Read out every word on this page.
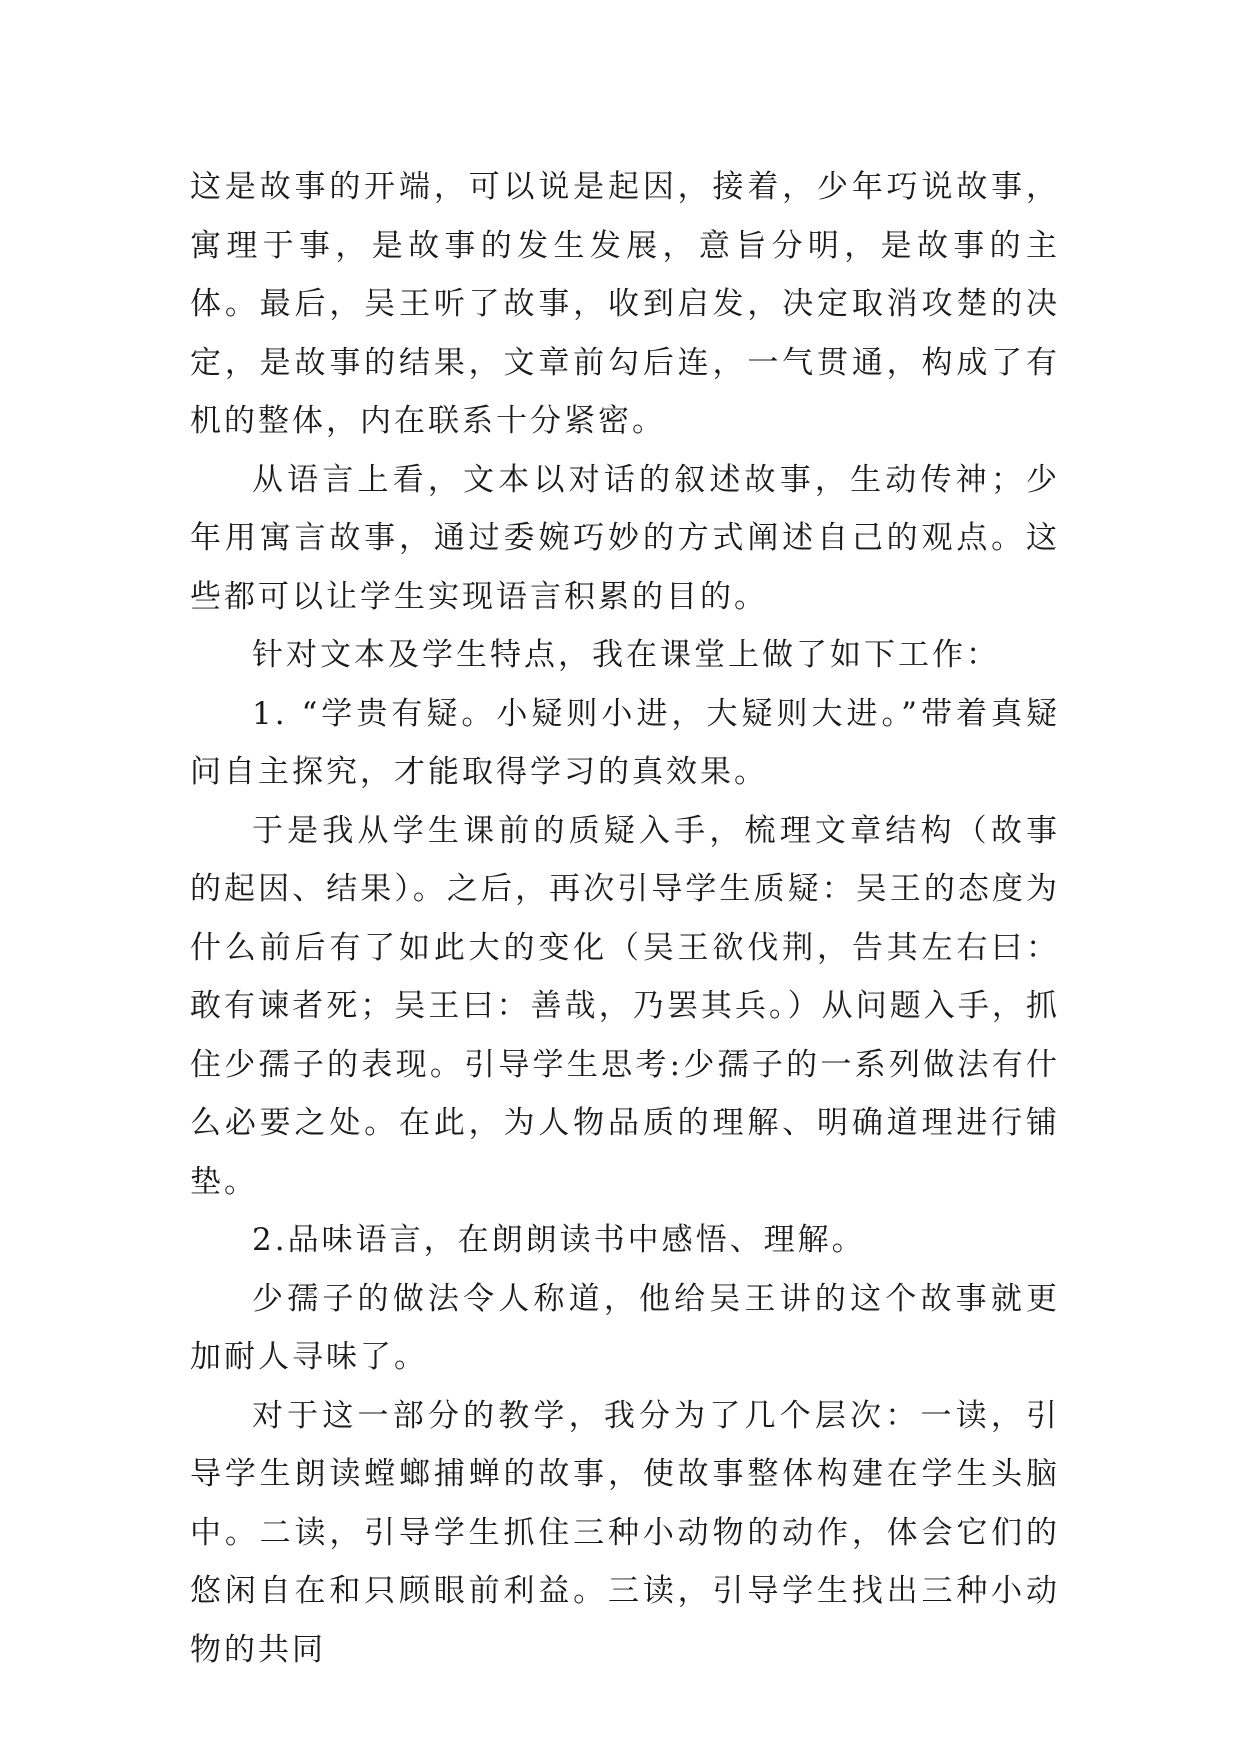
这是故事的开端，可以说是起因，接着，少年巧说故事，寓理于事，是故事的发生发展，意旨分明，是故事的主体。最后，吴王听了故事，收到启发，决定取消攻楚的决定，是故事的结果，文章前勾后连，一气贯通，构成了有机的整体，内在联系十分紧密。

从语言上看，文本以对话的叙述故事，生动传神；少年用寓言故事，通过委婉巧妙的方式阐述自己的观点。这些都可以让学生实现语言积累的目的。

针对文本及学生特点，我在课堂上做了如下工作：

1. “学贵有疑。小疑则小进，大疑则大进。”带着真疑问自主探究，才能取得学习的真效果。

于是我从学生课前的质疑入手，梳理文章结构（故事的起因、结果）。之后，再次引导学生质疑：吴王的态度为什么前后有了如此大的变化（吴王欲伐荆，告其左右曰：敢有谏者死；吴王曰：善哉，乃罢其兵。）从问题入手，抓住少孺子的表现。引导学生思考:少孺子的一系列做法有什么必要之处。在此，为人物品质的理解、明确道理进行铺垫。

2.品味语言，在朗朗读书中感悟、理解。

少孺子的做法令人称道，他给吴王讲的这个故事就更加耐人寻味了。

对于这一部分的教学，我分为了几个层次：一读，引导学生朗读螳螂捕蝉的故事，使故事整体构建在学生头脑中。二读，引导学生抓住三种小动物的动作，体会它们的悠闲自在和只顾眼前利益。三读，引导学生找出三种小动物的共同
